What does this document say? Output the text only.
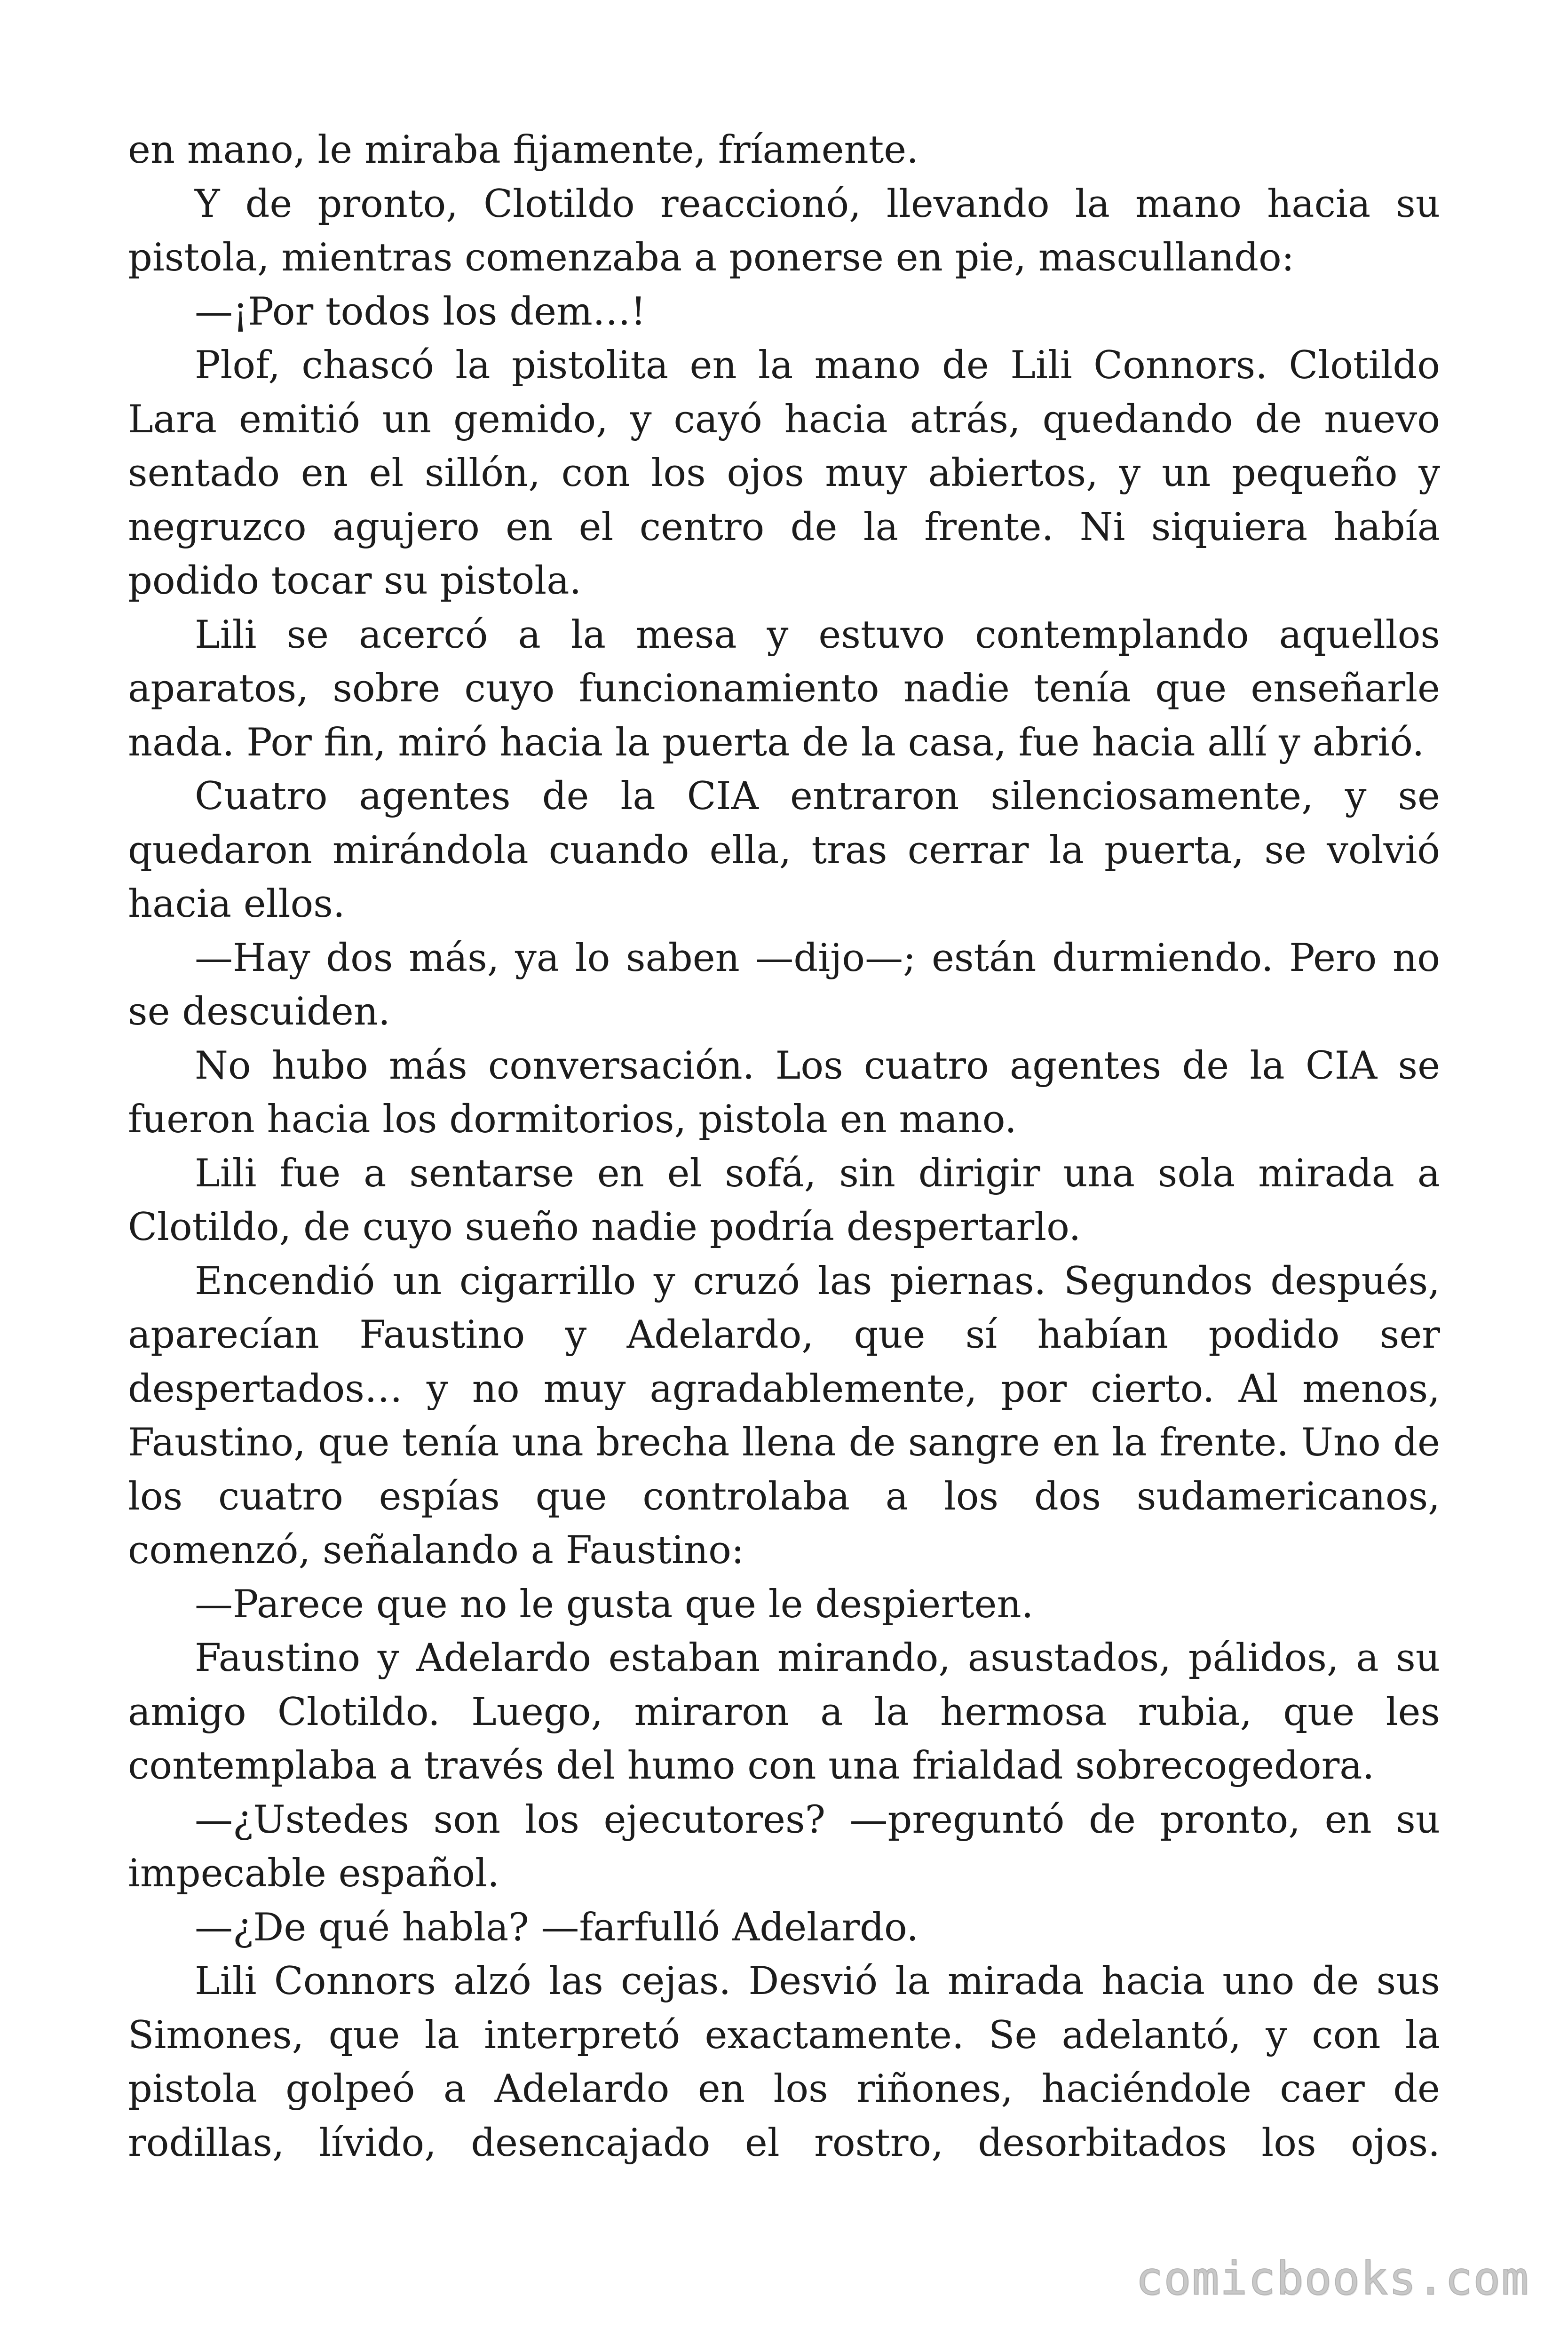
en mano, le miraba fijamente, fríamente.

Y de pronto, Clotildo reaccionó, llevando la mano hacia su pistola, mientras comenzaba a ponerse en pie, mascullando:

—¡Por todos los dem…!

Plof, chascó la pistolita en la mano de Lili Connors. Clotildo Lara emitió un gemido, y cayó hacia atrás, quedando de nuevo sentado en el sillón, con los ojos muy abiertos, y un pequeño y negruzco agujero en el centro de la frente. Ni siquiera había podido tocar su pistola.

Lili se acercó a la mesa y estuvo contemplando aquellos aparatos, sobre cuyo funcionamiento nadie tenía que enseñarle nada. Por fin, miró hacia la puerta de la casa, fue hacia allí y abrió.

Cuatro agentes de la CIA entraron silenciosamente, y se quedaron mirándola cuando ella, tras cerrar la puerta, se volvió hacia ellos.

—Hay dos más, ya lo saben —dijo—; están durmiendo. Pero no se descuiden.

No hubo más conversación. Los cuatro agentes de la CIA se fueron hacia los dormitorios, pistola en mano.

Lili fue a sentarse en el sofá, sin dirigir una sola mirada a Clotildo, de cuyo sueño nadie podría despertarlo.

Encendió un cigarrillo y cruzó las piernas. Segundos después, aparecían Faustino y Adelardo, que sí habían podido ser despertados… y no muy agradablemente, por cierto. Al menos, Faustino, que tenía una brecha llena de sangre en la frente. Uno de los cuatro espías que controlaba a los dos sudamericanos, comenzó, señalando a Faustino:

—Parece que no le gusta que le despierten.

Faustino y Adelardo estaban mirando, asustados, pálidos, a su amigo Clotildo. Luego, miraron a la hermosa rubia, que les contemplaba a través del humo con una frialdad sobrecogedora.

—¿Ustedes son los ejecutores? —preguntó de pronto, en su impecable español.

—¿De qué habla? —farfulló Adelardo.

Lili Connors alzó las cejas. Desvió la mirada hacia uno de sus Simones, que la interpretó exactamente. Se adelantó, y con la pistola golpeó a Adelardo en los riñones, haciéndole caer de rodillas, lívido, desencajado el rostro, desorbitados los ojos.

comicbooks.com
